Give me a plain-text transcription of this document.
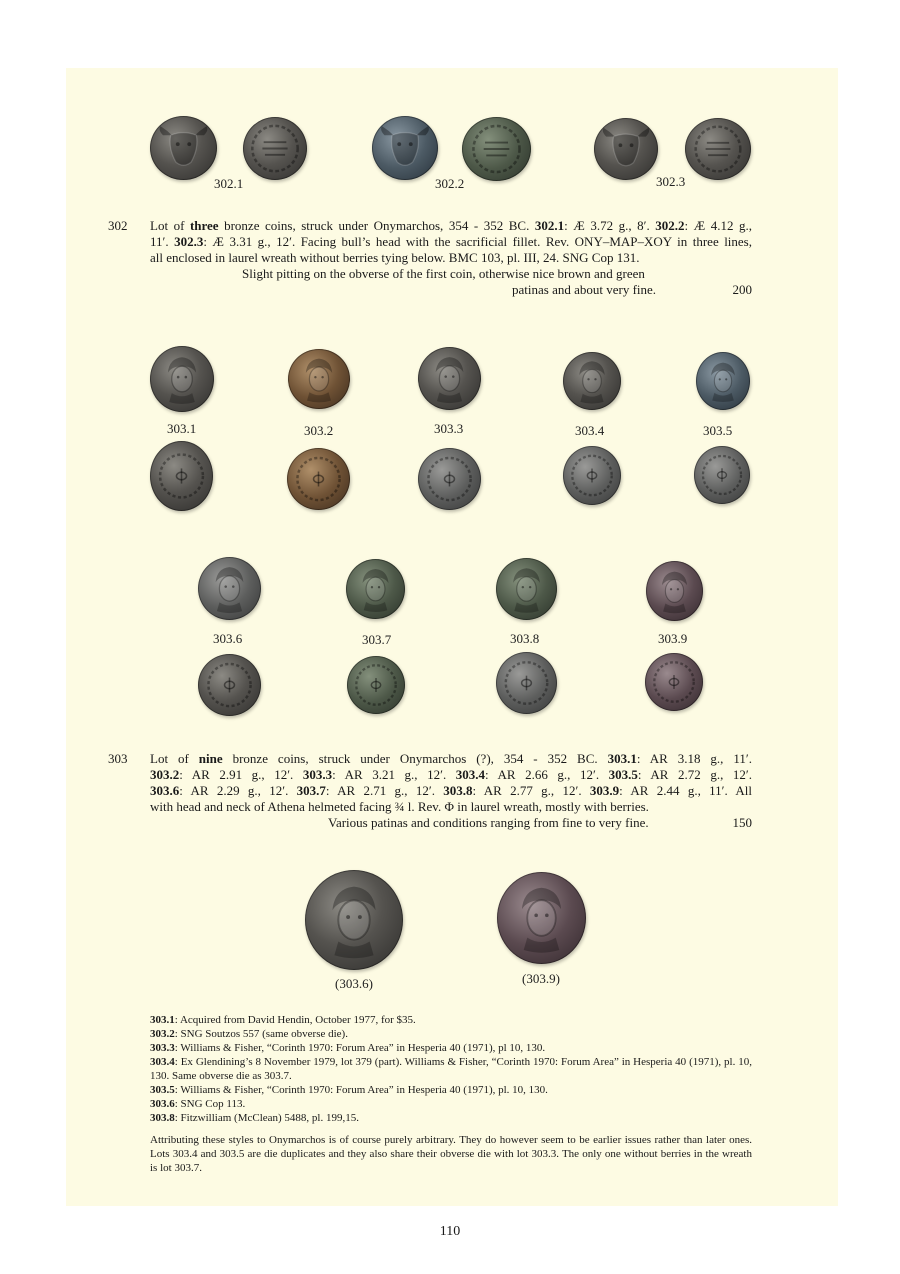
302.1	302.2	302.3
302 Lot of three bronze coins, struck under Onymarchos, 354 - 352 BC. 302.1: Æ 3.72 g., 8′. 302.2: Æ 4.12 g.,

11′. 302.3: Æ 3.31 g., 12′. Facing bull’s head with the sacrificial fillet. Rev. ONY–MAP–XOY in three lines,

all enclosed in laurel wreath without berries tying below. BMC 103, pl. III, 24. SNG Cop 131.

Slight pitting on the obverse of the first coin, otherwise nice brown and green
patinas and about very fine.	200
303.1	303.2	303.3	303.4	303.5
303.6	303.7	303.8	303.9
303 Lot of nine bronze coins, struck under Onymarchos (?), 354 - 352 BC. 303.1: AR 3.18 g., 11′.

303.2: AR 2.91 g., 12′. 303.3: AR 3.21 g., 12′. 303.4: AR 2.66 g., 12′. 303.5: AR 2.72 g., 12′.

303.6: AR 2.29 g., 12′. 303.7: AR 2.71 g., 12′. 303.8: AR 2.77 g., 12′. 303.9: AR 2.44 g., 11′. All

with head and neck of Athena helmeted facing ¾ l. Rev. Φ in laurel wreath, mostly with berries.

Various patinas and conditions ranging from fine to very fine.	150
(303.6)	(303.9)

303.1: Acquired from David Hendin, October 1977, for $35.

303.2: SNG Soutzos 557 (same obverse die).

303.3: Williams & Fisher, “Corinth 1970: Forum Area” in Hesperia 40 (1971), pl 10, 130.

303.4: Ex Glendining’s 8 November 1979, lot 379 (part). Williams & Fisher, “Corinth 1970: Forum Area” in Hesperia 40 (1971), pl. 10, 130. Same obverse die as 303.7.

303.5: Williams & Fisher, “Corinth 1970: Forum Area” in Hesperia 40 (1971), pl. 10, 130.

303.6: SNG Cop 113.

303.8: Fitzwilliam (McClean) 5488, pl. 199,15.

Attributing these styles to Onymarchos is of course purely arbitrary. They do however seem to be earlier issues rather than later ones. Lots 303.4 and 303.5 are die duplicates and they also share their obverse die with lot 303.3. The only one without berries in the wreath is lot 303.7.

110
